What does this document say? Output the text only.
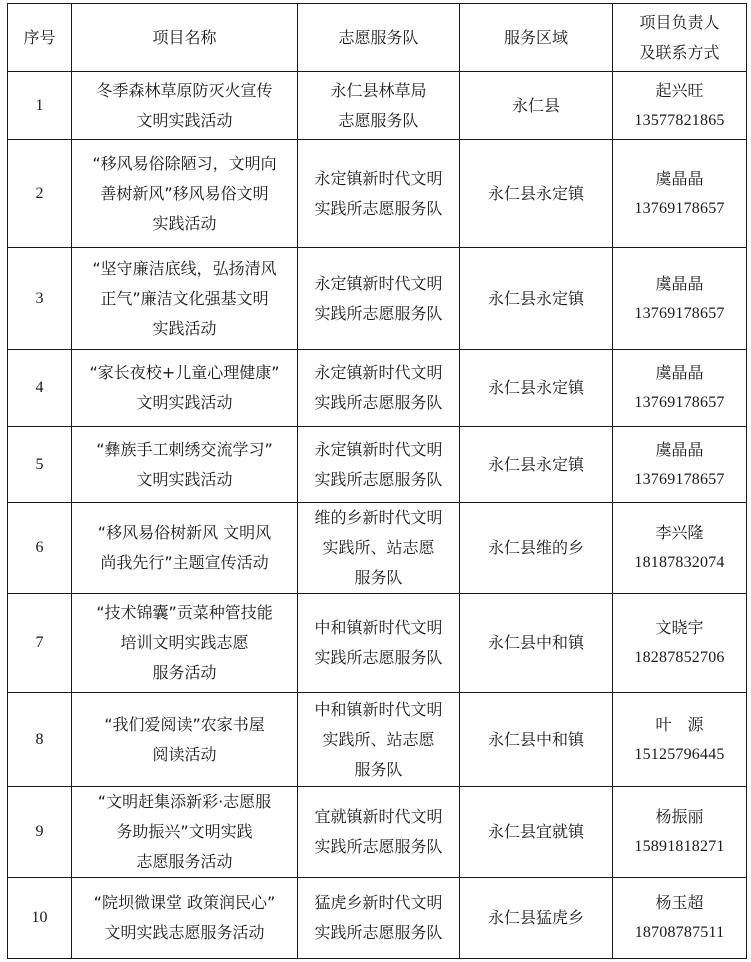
序号	项目名称	志愿服务队	服务区域	项目负责人
及联系方式

1	冬季森林草原防灭火宣传
文明实践活动	永仁县林草局
志愿服务队	永仁县	起兴旺
13577821865

2	“移风易俗除陋习，文明向
善树新风”移风易俗文明
实践活动	永定镇新时代文明
实践所志愿服务队	永仁县永定镇	虞晶晶
13769178657

3	“坚守廉洁底线，弘扬清风
正气”廉洁文化强基文明
实践活动	永定镇新时代文明
实践所志愿服务队	永仁县永定镇	虞晶晶
13769178657

4	“家长夜校+儿童心理健康”
文明实践活动	永定镇新时代文明
实践所志愿服务队	永仁县永定镇	虞晶晶
13769178657

5	“彝族手工刺绣交流学习”
文明实践活动	永定镇新时代文明
实践所志愿服务队	永仁县永定镇	虞晶晶
13769178657

6	“移风易俗树新风 文明风
尚我先行”主题宣传活动	维的乡新时代文明
实践所、站志愿
服务队	永仁县维的乡	李兴隆
18187832074

7	“技术锦囊”贡菜种管技能
培训文明实践志愿
服务活动	中和镇新时代文明
实践所志愿服务队	永仁县中和镇	文晓宇
18287852706

8	“我们爱阅读”农家书屋
阅读活动	中和镇新时代文明
实践所、站志愿
服务队	永仁县中和镇	叶　源
15125796445

9	“文明赶集添新彩·志愿服
务助振兴”文明实践
志愿服务活动	宜就镇新时代文明
实践所志愿服务队	永仁县宜就镇	杨振丽
15891818271

10	“院坝微课堂 政策润民心”
文明实践志愿服务活动	猛虎乡新时代文明
实践所志愿服务队	永仁县猛虎乡	杨玉超
18708787511
